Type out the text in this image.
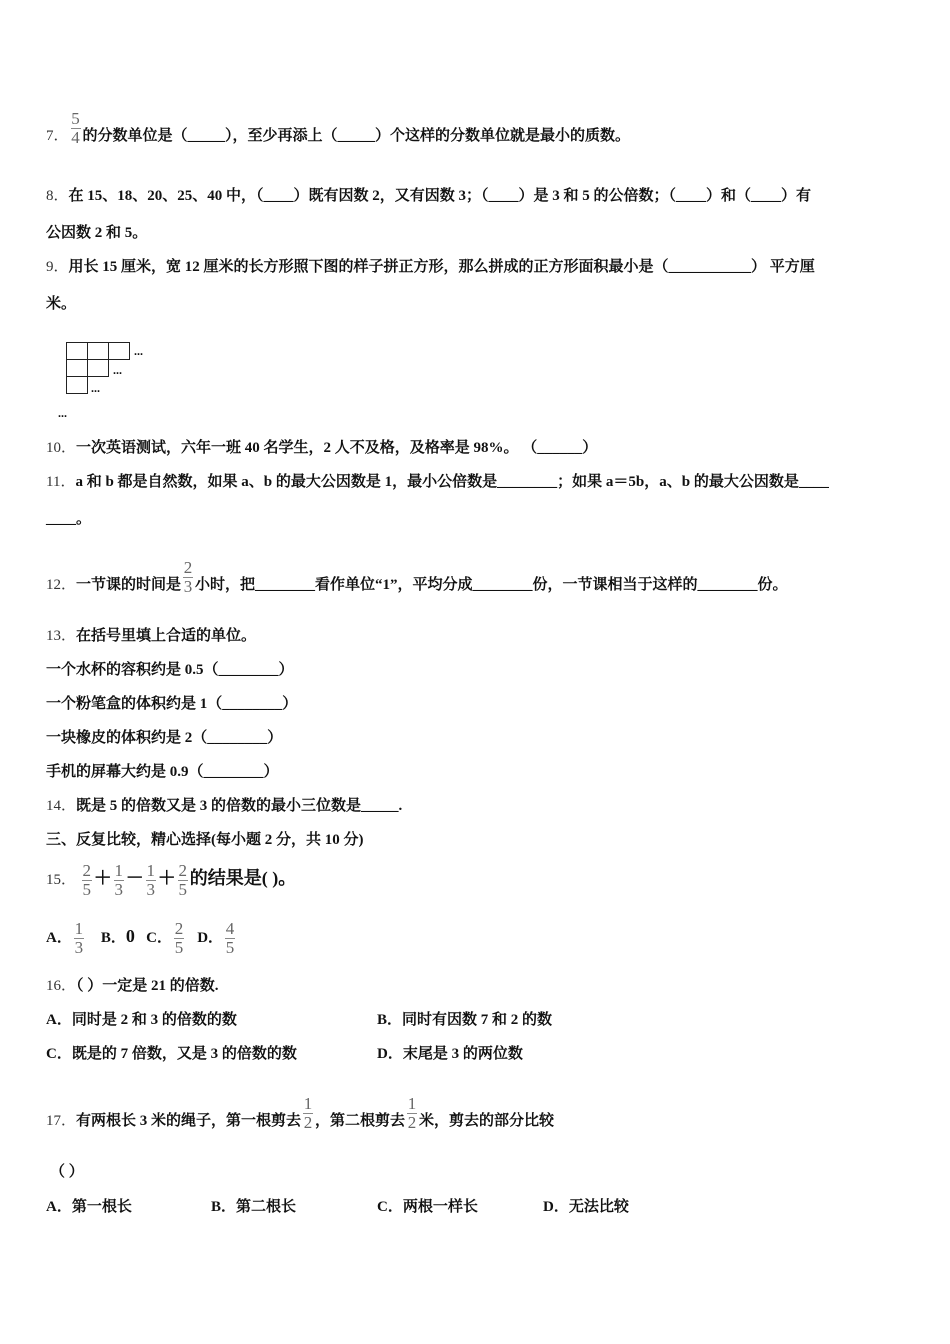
7． $\frac{5}{4}$ 的分数单位是（_____），至少再添上（_____）个这样的分数单位就是最小的质数。
8．在 15、18、20、25、40 中，（____）既有因数 2，又有因数 3；（____）是 3 和 5 的公倍数；（____）和（____）有
公因数 2 和 5。
9．用长 15 厘米，宽 12 厘米的长方形照下图的样子拼正方形，那么拼成的正方形面积最小是（___________） 平方厘
米。
...
...
...
...
10．一次英语测试，六年一班 40 名学生，2 人不及格，及格率是 98%。 （______）
11．a 和 b 都是自然数，如果 a、b 的最大公因数是 1，最小公倍数是________；如果 a＝5b，a、b 的最大公因数是____
____。
12．一节课的时间是 $\frac{2}{3}$ 小时，把________看作单位“1”，平均分成________份，一节课相当于这样的________份。
13．在括号里填上合适的单位。
一个水杯的容积约是 0.5（________）
一个粉笔盒的体积约是 1（________）
一块橡皮的体积约是 2（________）
手机的屏幕大约是 0.9（________）
14．既是 5 的倍数又是 3 的倍数的最小三位数是_____.
三、反复比较，精心选择(每小题 2 分，共 10 分)
15． $\frac{2}{5} + \frac{1}{3} - \frac{1}{3} + \frac{2}{5}$ 的结果是( )。
A． $\frac{1}{3}$ B．0 C． $\frac{2}{5}$ D． $\frac{4}{5}$
16．（ ）一定是 21 的倍数.
A．同时是 2 和 3 的倍数的数	B．同时有因数 7 和 2 的数
C．既是的 7 倍数，又是 3 的倍数的数	D．末尾是 3 的两位数
17．有两根长 3 米的绳子，第一根剪去 $\frac{1}{2}$ ，第二根剪去 $\frac{1}{2}$ 米，剪去的部分比较
（ ）
A．第一根长	B．第二根长	C．两根一样长	D．无法比较
